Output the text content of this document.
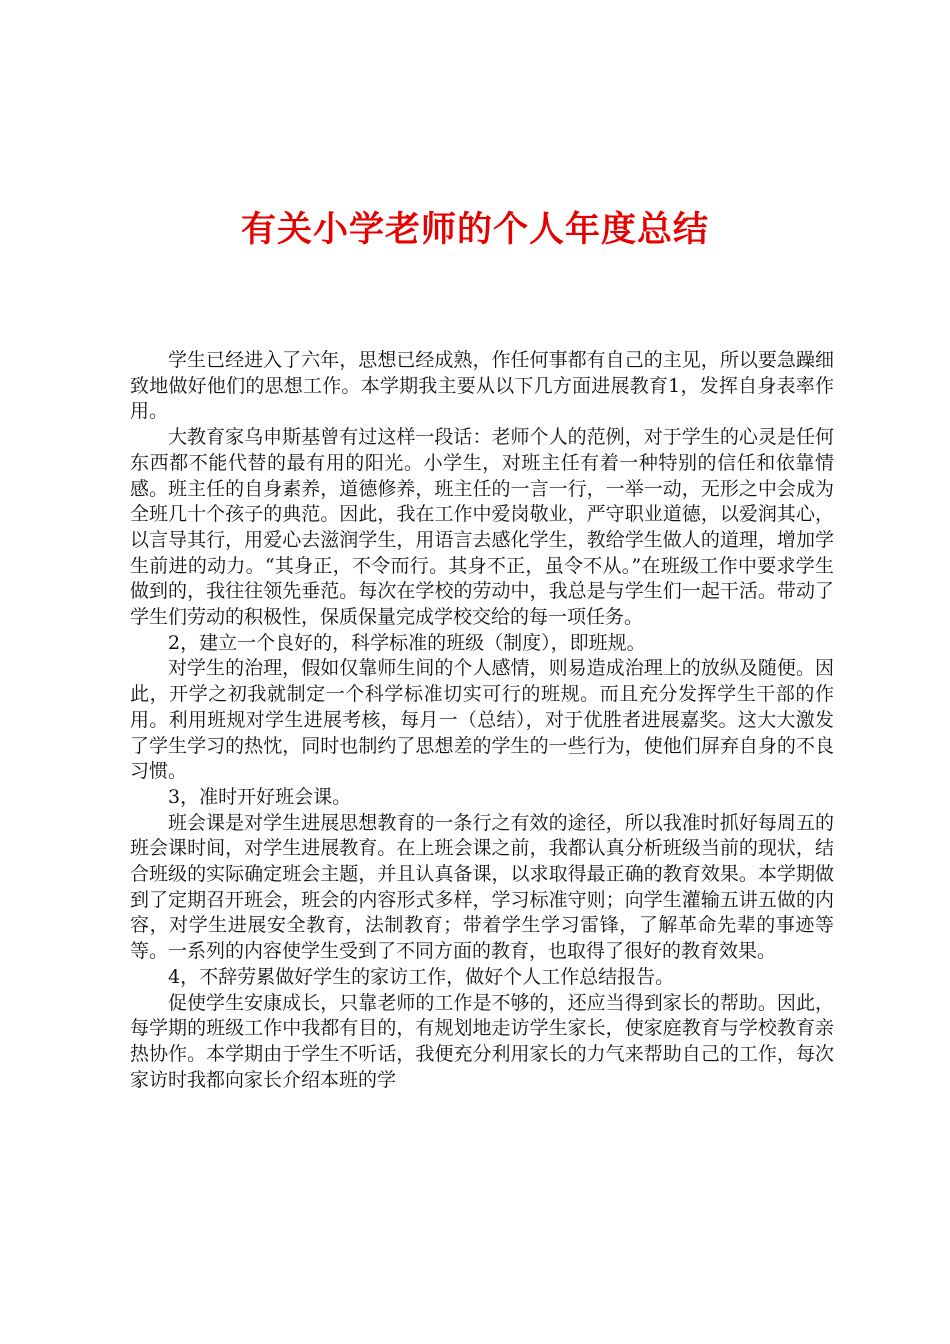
有关小学老师的个人年度总结

学生已经进入了六年，思想已经成熟，作任何事都有自己的主见，所以要急躁细致地做好他们的思想工作。本学期我主要从以下几方面进展教育1，发挥自身表率作用。

大教育家乌申斯基曾有过这样一段话：老师个人的范例，对于学生的心灵是任何东西都不能代替的最有用的阳光。小学生，对班主任有着一种特别的信任和依靠情感。班主任的自身素养，道德修养，班主任的一言一行，一举一动，无形之中会成为全班几十个孩子的典范。因此，我在工作中爱岗敬业，严守职业道德，以爱润其心，以言导其行，用爱心去滋润学生，用语言去感化学生，教给学生做人的道理，增加学生前进的动力。“其身正，不令而行。其身不正，虽令不从。”在班级工作中要求学生做到的，我往往领先垂范。每次在学校的劳动中，我总是与学生们一起干活。带动了学生们劳动的积极性，保质保量完成学校交给的每一项任务。

2，建立一个良好的，科学标准的班级（制度），即班规。

对学生的治理，假如仅靠师生间的个人感情，则易造成治理上的放纵及随便。因此，开学之初我就制定一个科学标准切实可行的班规。而且充分发挥学生干部的作用。利用班规对学生进展考核，每月一（总结），对于优胜者进展嘉奖。这大大激发了学生学习的热忱，同时也制约了思想差的学生的一些行为，使他们屏弃自身的不良习惯。

3，准时开好班会课。

班会课是对学生进展思想教育的一条行之有效的途径，所以我准时抓好每周五的班会课时间，对学生进展教育。在上班会课之前，我都认真分析班级当前的现状，结合班级的实际确定班会主题，并且认真备课，以求取得最正确的教育效果。本学期做到了定期召开班会，班会的内容形式多样，学习标准守则；向学生灌输五讲五做的内容，对学生进展安全教育，法制教育；带着学生学习雷锋，了解革命先辈的事迹等等。一系列的内容使学生受到了不同方面的教育，也取得了很好的教育效果。

4，不辞劳累做好学生的家访工作，做好个人工作总结报告。

促使学生安康成长，只靠老师的工作是不够的，还应当得到家长的帮助。因此，每学期的班级工作中我都有目的，有规划地走访学生家长，使家庭教育与学校教育亲热协作。本学期由于学生不听话，我便充分利用家长的力气来帮助自己的工作，每次家访时我都向家长介绍本班的学
